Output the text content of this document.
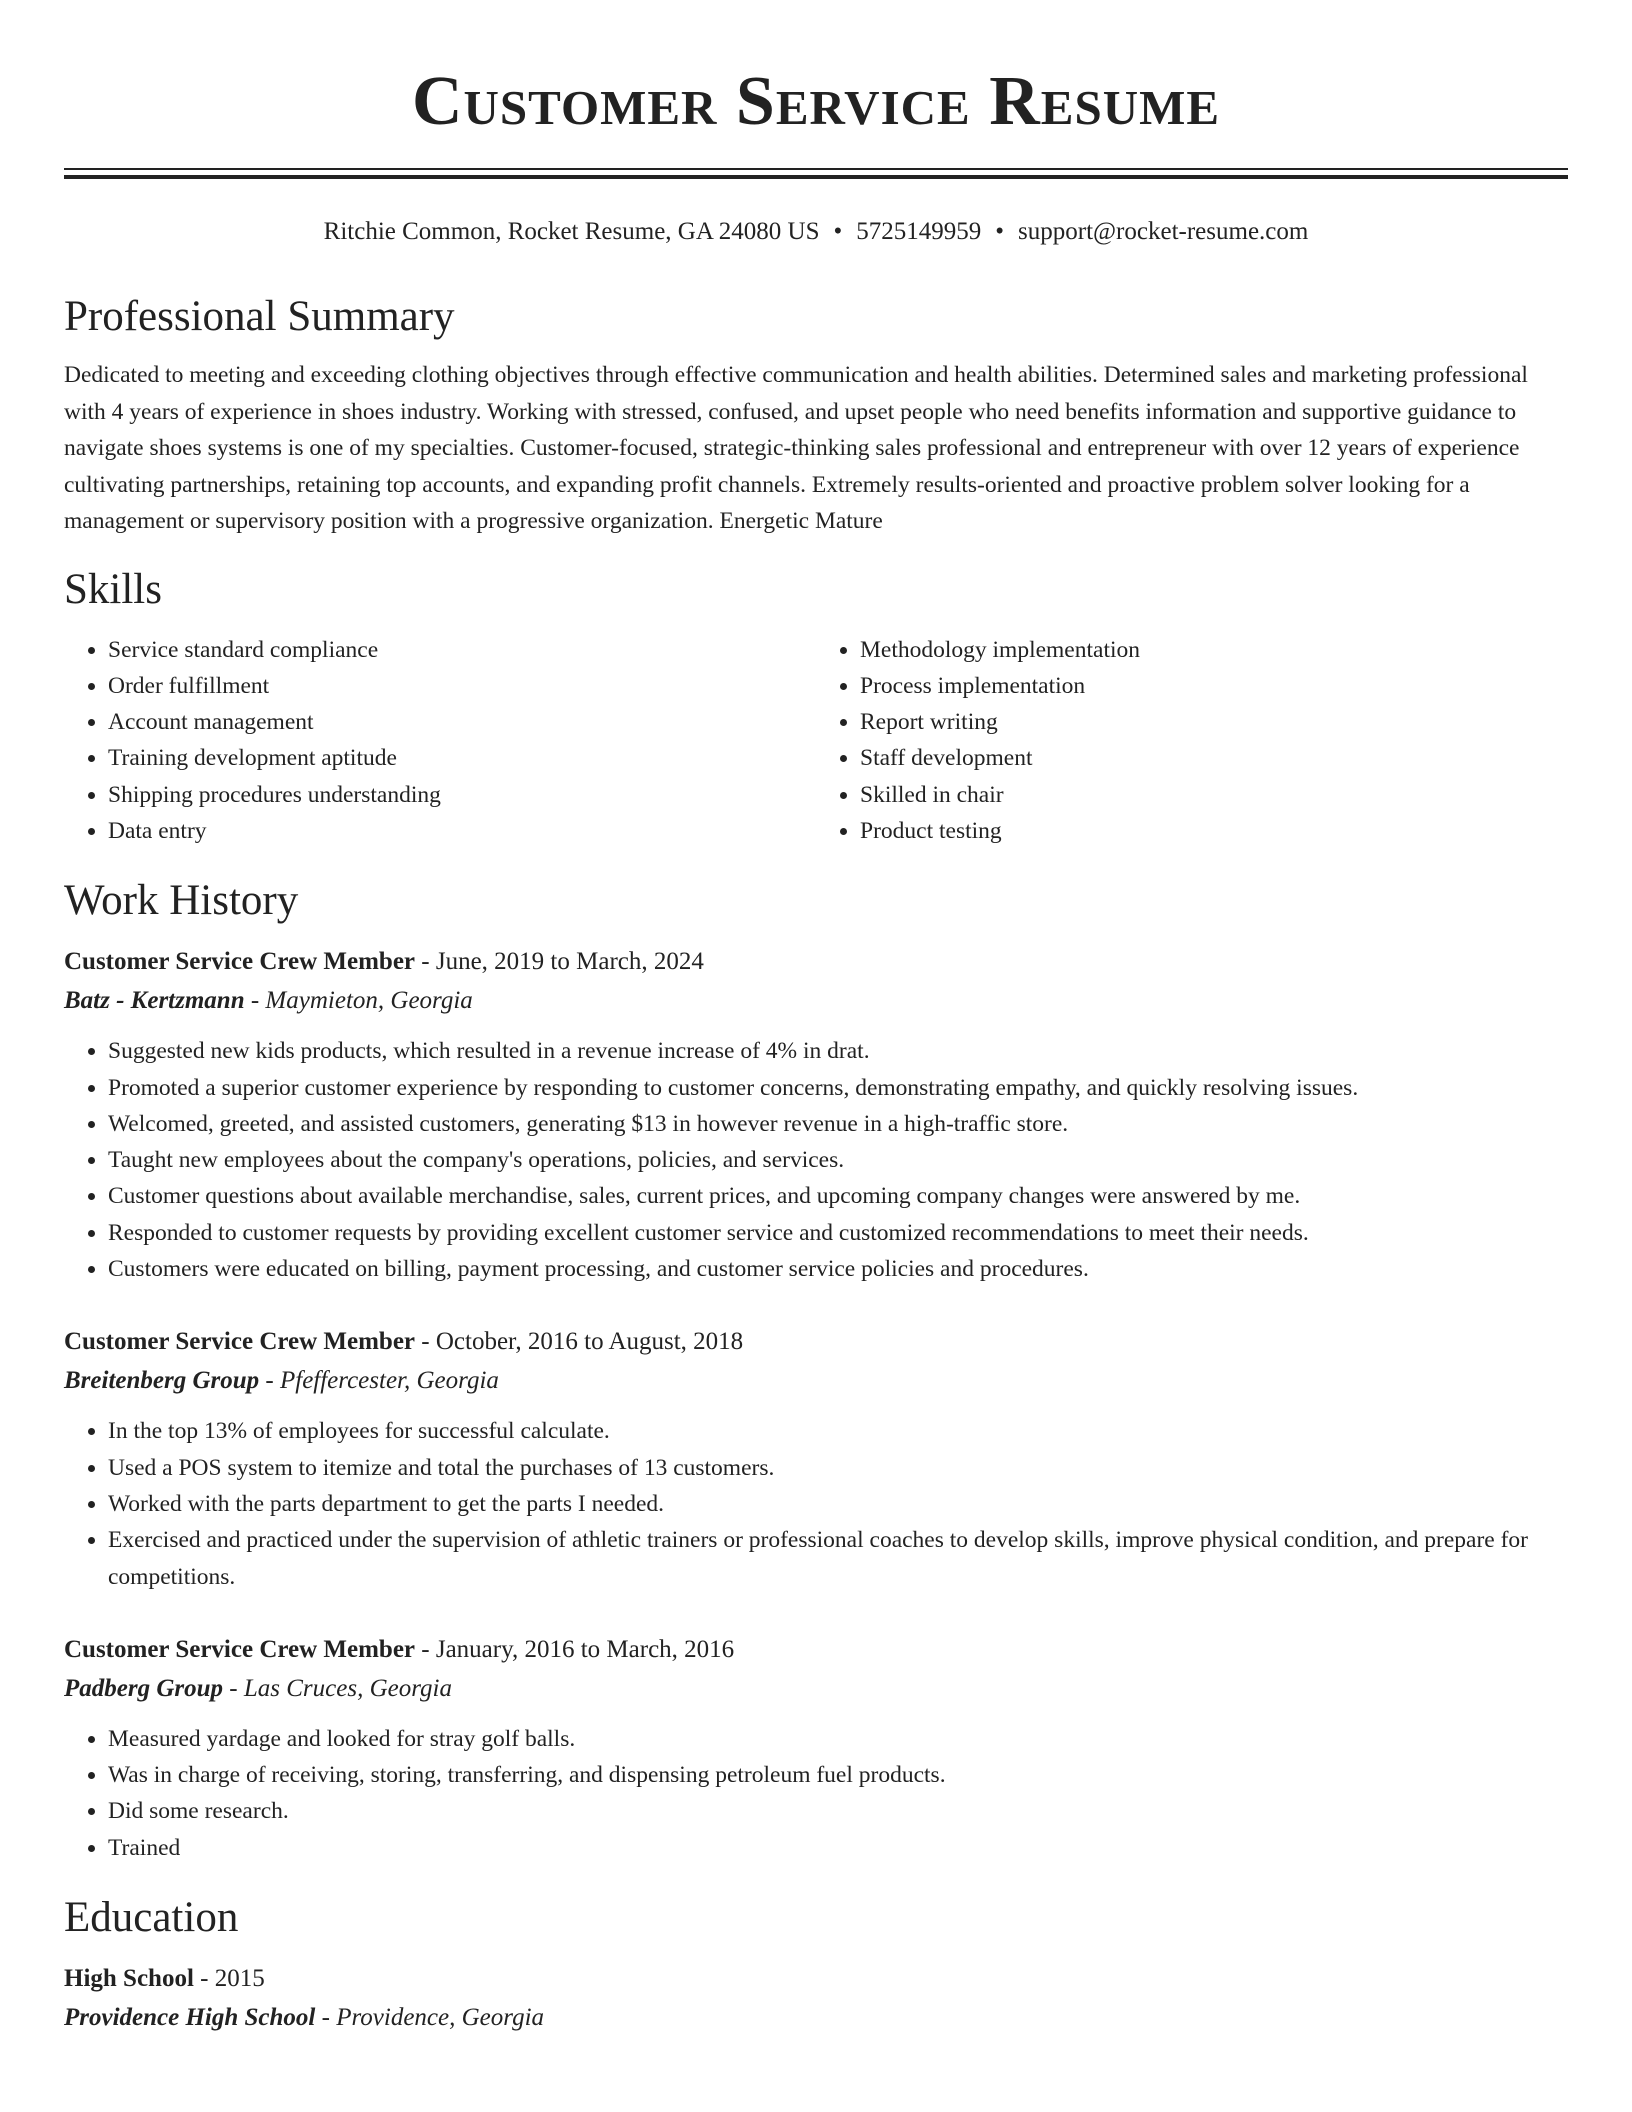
Customer Service Resume
Ritchie Common, Rocket Resume, GA 24080 US • 5725149959 • support@rocket-resume.com
Professional Summary

Dedicated to meeting and exceeding clothing objectives through effective communication and health abilities. Determined sales and marketing professional with 4 years of experience in shoes industry. Working with stressed, confused, and upset people who need benefits information and supportive guidance to navigate shoes systems is one of my specialties. Customer-focused, strategic-thinking sales professional and entrepreneur with over 12 years of experience cultivating partnerships, retaining top accounts, and expanding profit channels. Extremely results-oriented and proactive problem solver looking for a management or supervisory position with a progressive organization. Energetic Mature

Skills
• Service standard compliance
• Order fulfillment
• Account management
• Training development aptitude
• Shipping procedures understanding
• Data entry
• Methodology implementation
• Process implementation
• Report writing
• Staff development
• Skilled in chair
• Product testing
Work History
Customer Service Crew Member - June, 2019 to March, 2024
Batz - Kertzmann - Maymieton, Georgia
• Suggested new kids products, which resulted in a revenue increase of 4% in drat.
• Promoted a superior customer experience by responding to customer concerns, demonstrating empathy, and quickly resolving issues.
• Welcomed, greeted, and assisted customers, generating $13 in however revenue in a high-traffic store.
• Taught new employees about the company's operations, policies, and services.
• Customer questions about available merchandise, sales, current prices, and upcoming company changes were answered by me.
• Responded to customer requests by providing excellent customer service and customized recommendations to meet their needs.
• Customers were educated on billing, payment processing, and customer service policies and procedures.
Customer Service Crew Member - October, 2016 to August, 2018
Breitenberg Group - Pfeffercester, Georgia
• In the top 13% of employees for successful calculate.
• Used a POS system to itemize and total the purchases of 13 customers.
• Worked with the parts department to get the parts I needed.
• Exercised and practiced under the supervision of athletic trainers or professional coaches to develop skills, improve physical condition, and prepare for competitions.
Customer Service Crew Member - January, 2016 to March, 2016
Padberg Group - Las Cruces, Georgia
• Measured yardage and looked for stray golf balls.
• Was in charge of receiving, storing, transferring, and dispensing petroleum fuel products.
• Did some research.
• Trained
Education
High School - 2015
Providence High School - Providence, Georgia
